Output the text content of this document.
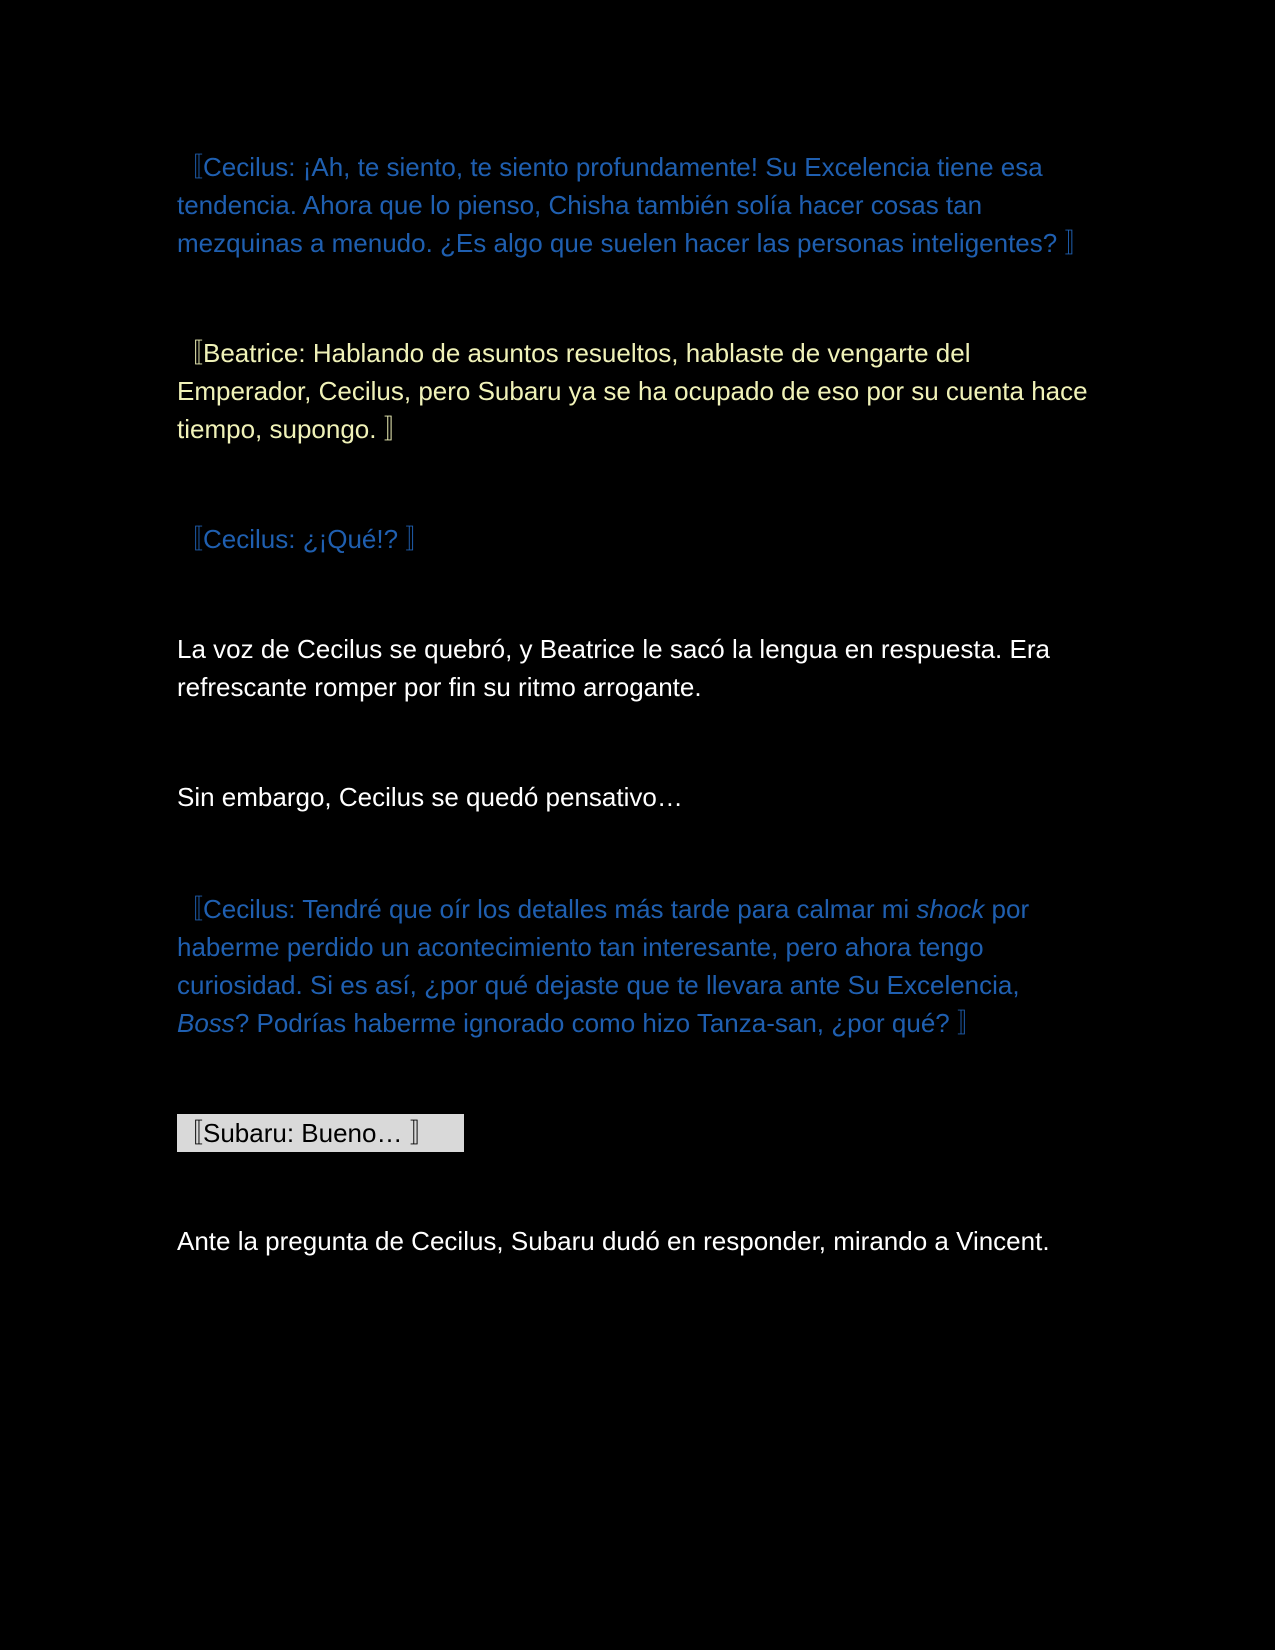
〚Cecilus: ¡Ah, te siento, te siento profundamente! Su Excelencia tiene esa tendencia. Ahora que lo pienso, Chisha también solía hacer cosas tan mezquinas a menudo. ¿Es algo que suelen hacer las personas inteligentes? 〛

〚Beatrice: Hablando de asuntos resueltos, hablaste de vengarte del Emperador, Cecilus, pero Subaru ya se ha ocupado de eso por su cuenta hace tiempo, supongo. 〛

〚Cecilus: ¿¡Qué!? 〛

La voz de Cecilus se quebró, y Beatrice le sacó la lengua en respuesta. Era refrescante romper por fin su ritmo arrogante.

Sin embargo, Cecilus se quedó pensativo…

〚Cecilus: Tendré que oír los detalles más tarde para calmar mi shock por haberme perdido un acontecimiento tan interesante, pero ahora tengo curiosidad. Si es así, ¿por qué dejaste que te llevara ante Su Excelencia, Boss? Podrías haberme ignorado como hizo Tanza-san, ¿por qué? 〛

〚Subaru: Bueno… 〛

Ante la pregunta de Cecilus, Subaru dudó en responder, mirando a Vincent.
